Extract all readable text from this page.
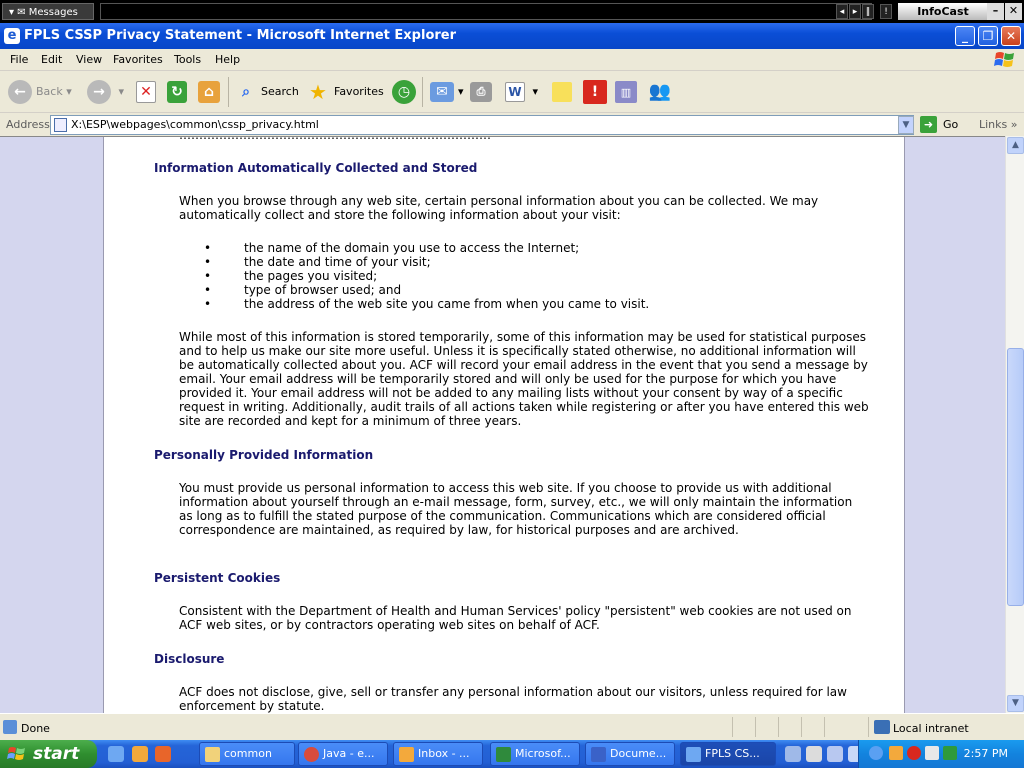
▾ ✉ Messages	◂ ▸ ‖	!	InfoCast	– ✕
e FPLS CSSP Privacy Statement - Microsoft Internet Explorer	_	❐	✕
File Edit View Favorites Tools Help
← Back ▾	→ ▾ ✕	↻	⌂	⌕ Search ★ Favorites	◷	✉ ▾	⎙	W ▾	!	▥ 👥
Address	X:\ESP\webpages\common\cssp_privacy.html	▼	➜ Go Links »
……………………………………………………………………
Information Automatically Collected and Stored

When you browse through any web site, certain personal information about you can be collected. We may automatically collect and store the following information about your visit:

• the name of the domain you use to access the Internet;
• the date and time of your visit;
• the pages you visited;
• type of browser used; and
• the address of the web site you came from when you came to visit.

While most of this information is stored temporarily, some of this information may be used for statistical purposes and to help us make our site more useful. Unless it is specifically stated otherwise, no additional information will be automatically collected about you. ACF will record your email address in the event that you send a message by email. Your email address will be temporarily stored and will only be used for the purpose for which you have provided it. Your email address will not be added to any mailing lists without your consent by way of a specific request in writing. Additionally, audit trails of all actions taken while registering or after you have entered this web site are recorded and kept for a minimum of three years.

Personally Provided Information

You must provide us personal information to access this web site. If you choose to provide us with additional information about yourself through an e-mail message, form, survey, etc., we will only maintain the information as long as to fulfill the stated purpose of the communication. Communications which are considered official correspondence are maintained, as required by law, for historical purposes and are archived.

Persistent Cookies

Consistent with the Department of Health and Human Services' policy "persistent" web cookies are not used on ACF web sites, or by contractors operating web sites on behalf of ACF.

Disclosure

ACF does not disclose, give, sell or transfer any personal information about our visitors, unless required for law enforcement by statute.

▲
▼
Done	Local intranet
start	common	Java - e...	Inbox - ...	Microsof...	Docume...	FPLS CS...	2:57 PM
